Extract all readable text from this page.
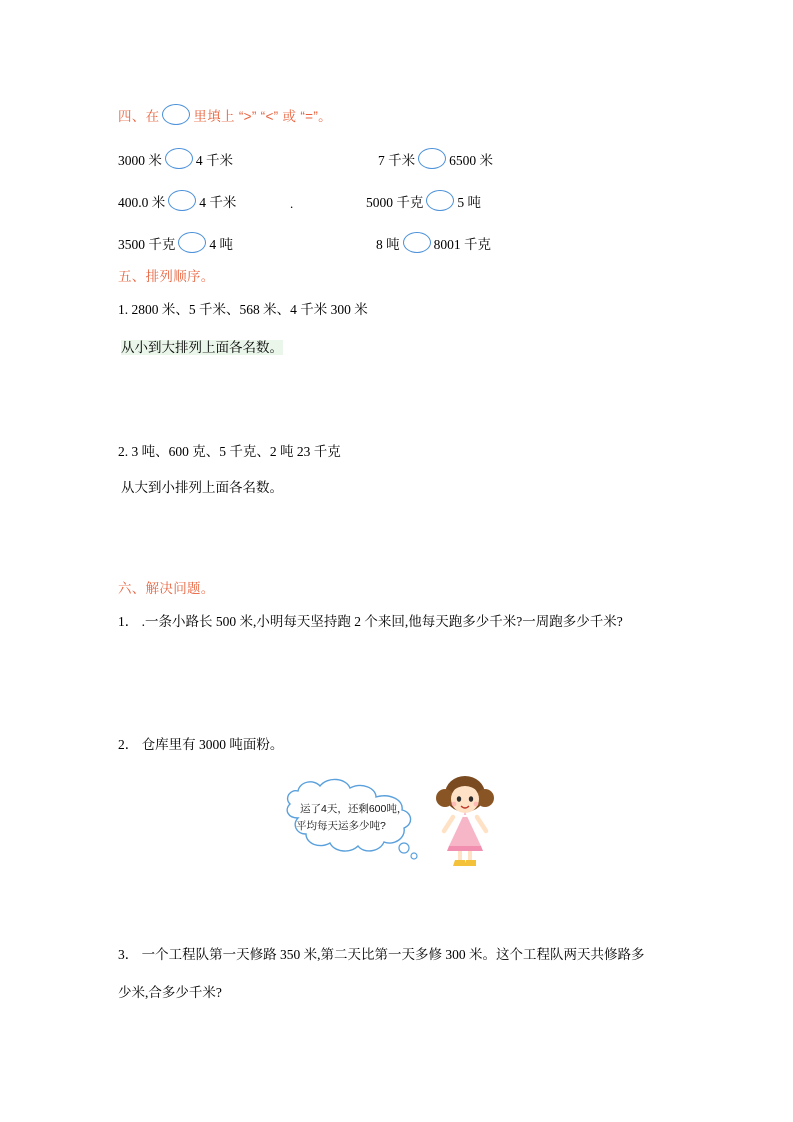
四、在	里填上 “>” “<” 或 “=”。
3000 米	4 千米	7 千米	6500 米
400.0 米	4 千米	.	5000 千克	5 吨
3500 千克	4 吨	8 吨	8001 千克
五、排列顺序。
1. 2800 米、5 千米、568 米、4 千米 300 米
从小到大排列上面各名数。
2. 3 吨、600 克、5 千克、2 吨 23 千克
从大到小排列上面各名数。
六、解决问题。
1． .一条小路长 500 米,小明每天坚持跑 2 个来回,他每天跑多少千米?一周跑多少千米?
2． 仓库里有 3000 吨面粉。
运了4天，还剩600吨，
平均每天运多少吨?
3． 一个工程队第一天修路 350 米,第二天比第一天多修 300 米。这个工程队两天共修路多
少米,合多少千米?
